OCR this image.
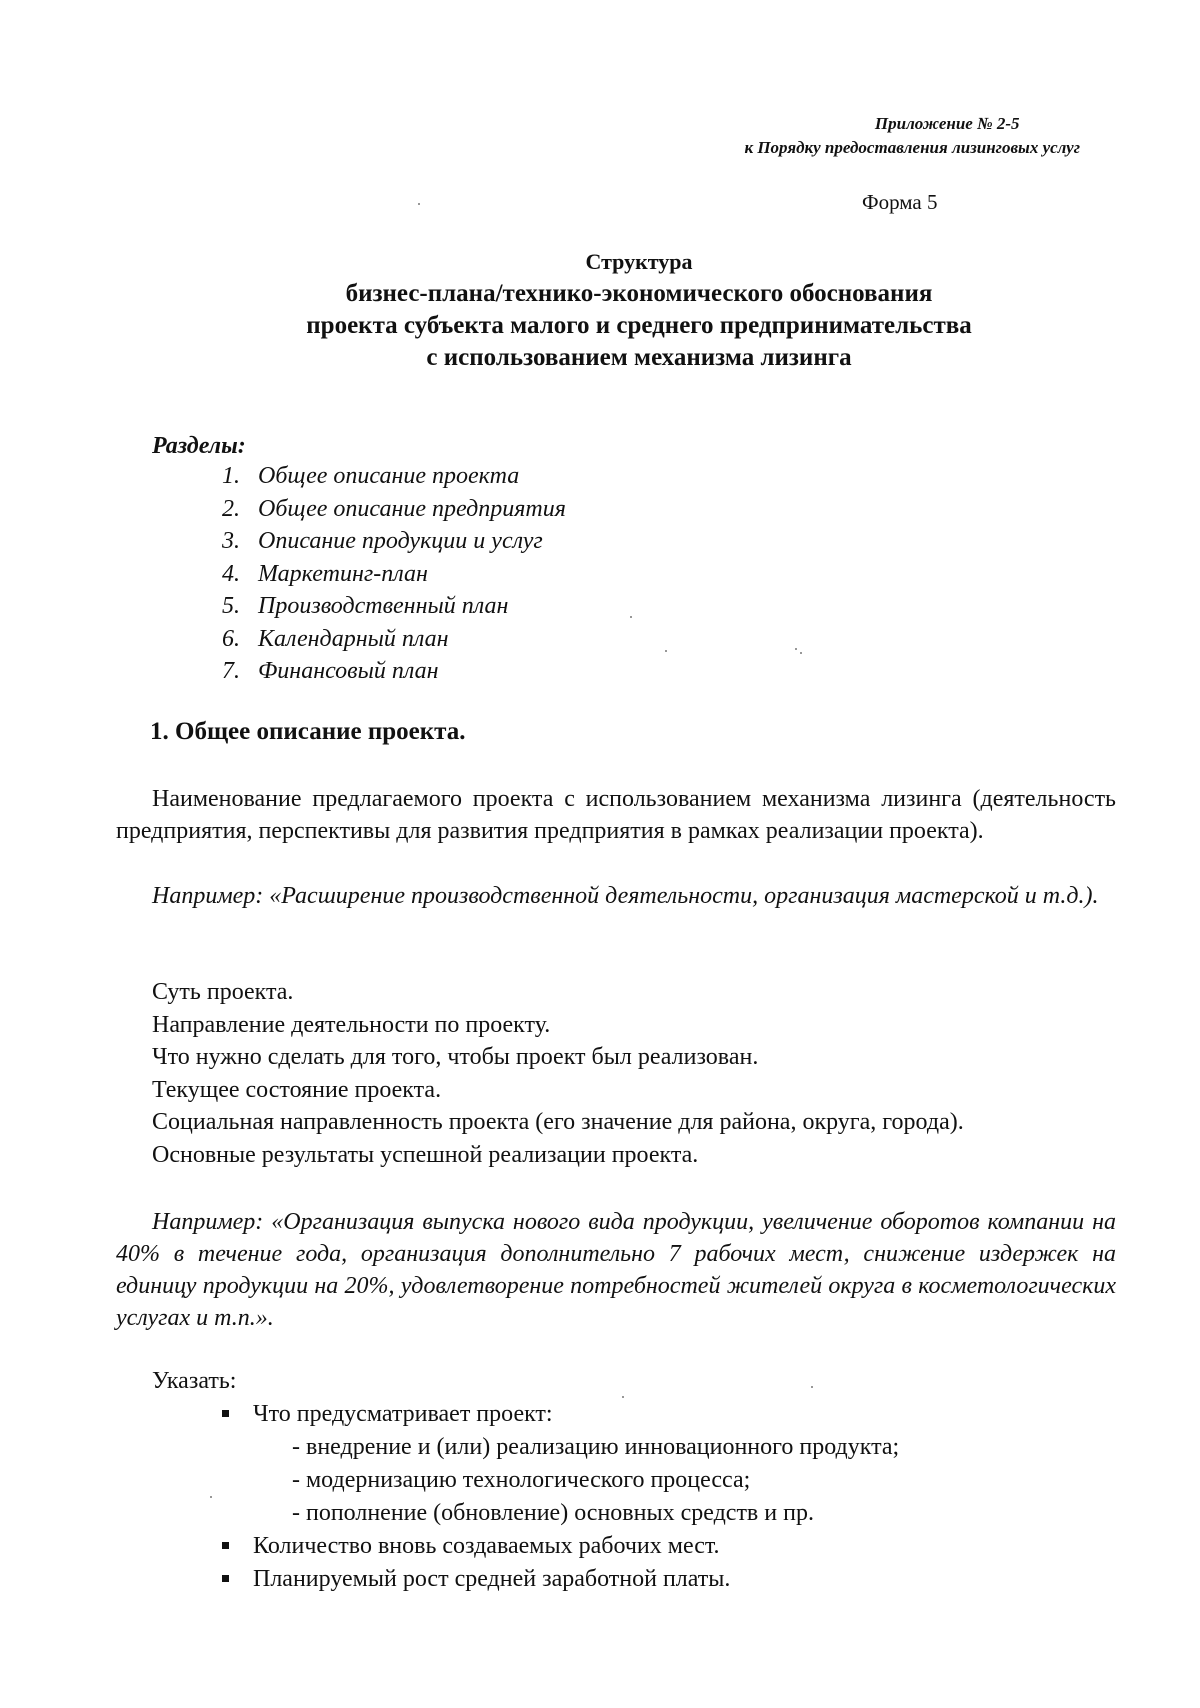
Приложение № 2-5
к Порядку предоставления лизинговых услуг
Форма 5
Структура
бизнес-плана/технико-экономического обоснования
проекта субъекта малого и среднего предпринимательства
с использованием механизма лизинга
Разделы:
1. Общее описание проекта
2. Общее описание предприятия
3. Описание продукции и услуг
4. Маркетинг-план
5. Производственный план
6. Календарный план
7. Финансовый план
1. Общее описание проекта.
Наименование предлагаемого проекта с использованием механизма лизинга (деятельность предприятия, перспективы для развития предприятия в рамках реализации проекта).
Например: «Расширение производственной деятельности, организация мастерской и т.д.).
Суть проекта.
Направление деятельности по проекту.
Что нужно сделать для того, чтобы проект был реализован.
Текущее состояние проекта.
Социальная направленность проекта (его значение для района, округа, города).
Основные результаты успешной реализации проекта.
Например: «Организация выпуска нового вида продукции, увеличение оборотов компании на 40% в течение года, организация дополнительно 7 рабочих мест, снижение издержек на единицу продукции на 20%, удовлетворение потребностей жителей округа в косметологических услугах и т.п.».
Указать:
Что предусматривает проект:
- внедрение и (или) реализацию инновационного продукта;
- модернизацию технологического процесса;
- пополнение (обновление) основных средств и пр.
Количество вновь создаваемых рабочих мест.
Планируемый рост средней заработной платы.
